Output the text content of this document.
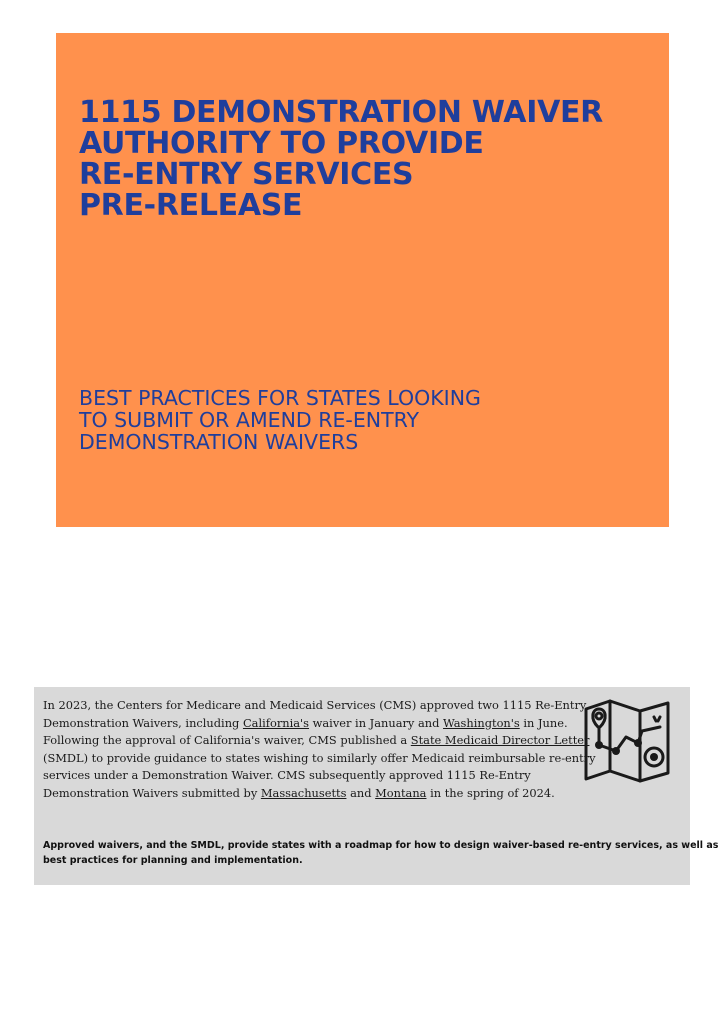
1115 DEMONSTRATION WAIVER
AUTHORITY TO PROVIDE
RE-ENTRY SERVICES
PRE-RELEASE
BEST PRACTICES FOR STATES LOOKING
TO SUBMIT OR AMEND RE-ENTRY
DEMONSTRATION WAIVERS

In 2023, the Centers for Medicare and Medicaid Services (CMS) approved two 1115 Re-Entry
Demonstration Waivers, including California's waiver in January and Washington's in June.
Following the approval of California's waiver, CMS published a State Medicaid Director Letter
(SMDL) to provide guidance to states wishing to similarly offer Medicaid reimbursable re-entry
services under a Demonstration Waiver. CMS subsequently approved 1115 Re-Entry
Demonstration Waivers submitted by Massachusetts and Montana in the spring of 2024.

Approved waivers, and the SMDL, provide states with a roadmap for how to design waiver-based re-entry services, as well as
best practices for planning and implementation.
